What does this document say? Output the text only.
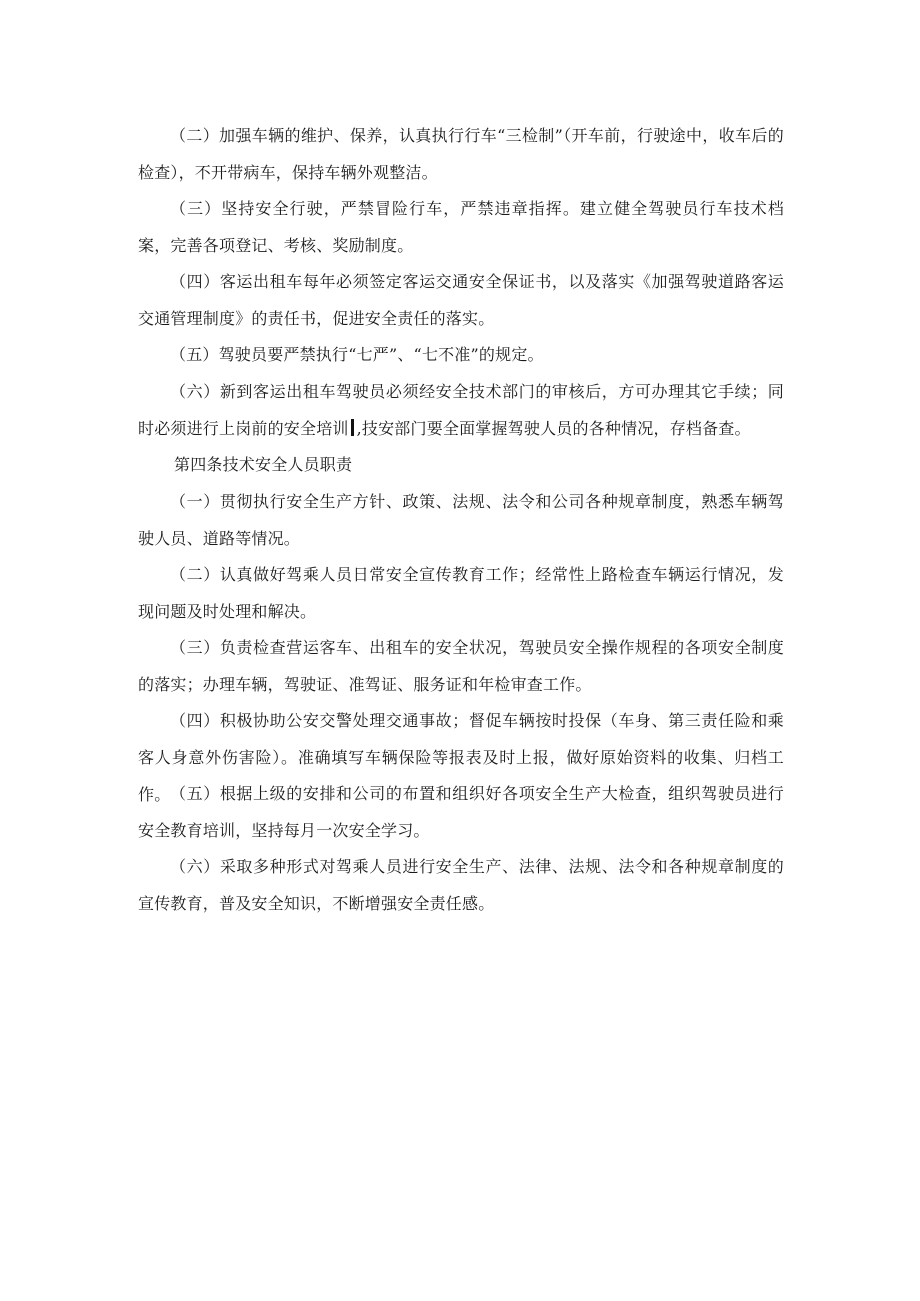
（二）加强车辆的维护、保养，认真执行行车“三检制”（开车前，行驶途中，收车后的检查），不开带病车，保持车辆外观整洁。

（三）坚持安全行驶，严禁冒险行车，严禁违章指挥。建立健全驾驶员行车技术档案，完善各项登记、考核、奖励制度。

（四）客运出租车每年必须签定客运交通安全保证书，以及落实《加强驾驶道路客运交通管理制度》的责任书，促进安全责任的落实。

（五）驾驶员要严禁执行“七严”、“七不准”的规定。

（六）新到客运出租车驾驶员必须经安全技术部门的审核后，方可办理其它手续；同时必须进行上岗前的安全培训 ,技安部门要全面掌握驾驶人员的各种情况，存档备查。

第四条技术安全人员职责

（一）贯彻执行安全生产方针、政策、法规、法令和公司各种规章制度，熟悉车辆驾驶人员、道路等情况。

（二）认真做好驾乘人员日常安全宣传教育工作；经常性上路检查车辆运行情况，发现问题及时处理和解决。

（三）负责检查营运客车、出租车的安全状况，驾驶员安全操作规程的各项安全制度的落实；办理车辆，驾驶证、准驾证、服务证和年检审查工作。

（四）积极协助公安交警处理交通事故；督促车辆按时投保（车身、第三责任险和乘客人身意外伤害险）。准确填写车辆保险等报表及时上报，做好原始资料的收集、归档工作。 （五）根据上级的安排和公司的布置和组织好各项安全生产大检查，组织驾驶员进行安全教育培训，坚持每月一次安全学习。

（六）采取多种形式对驾乘人员进行安全生产、法律、法规、法令和各种规章制度的宣传教育，普及安全知识，不断增强安全责任感。
